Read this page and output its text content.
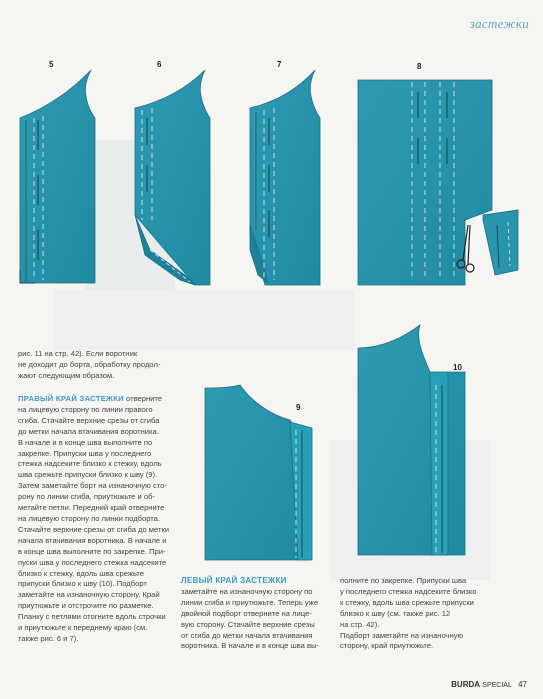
застежки
5	6	7	8
9
10

рис. 11 на стр. 42). Если воротник

не доходит до борта, обработку продол-

жают следующим образом.

ПРАВЫЙ КРАЙ ЗАСТЕЖКИ отверните

на лицевую сторону по линии правого

сгиба. Стачайте верхние срезы от сгиба

до метки начала втачивания воротника.

В начале и в конце шва выполните по

закрепке. Припуски шва у последнего

стежка надсеките близко к стежку, вдоль

шва срежьте припуски близко к шву (9).

Затем заметайте борт на изнаночную сто-

рону по линии сгиба, приутюжьте и об-

метайте петли. Передний край отверните

на лицевую сторону по линии подборта.

Стачайте верхние срезы от сгиба до метки

начала втачивания воротника. В начале и

в конце шва выполните по закрепке. При-

пуски шва у последнего стежка надсеките

близко к стежку, вдоль шва срежьте

припуски близко к шву (10). Подборт

заметайте на изнаночную сторону. Край

приутюжьте и отстрочите по разметке.

Планку с петлями отогните вдоль строчки

и приутюжьте к переднему краю (см.

также рис. 6 и 7).

ЛЕВЫЙ КРАЙ ЗАСТЕЖКИ

заметайте на изнаночную сторону по

линии сгиба и приутюжьте. Теперь уже

двойной подборт отверните на лице-

вую сторону. Стачайте верхние срезы

от сгиба до метки начала втачивания

воротника. В начале и в конце шва вы-

полните по закрепке. Припуски шва

у последнего стежка надсеките близко

к стежку, вдоль шва срежьте припуски

близко к шву (см. также рис. 12

на стр. 42).

Подборт заметайте на изнаночную

сторону, край приутюжьте.

BURDA SPECIAL 47
